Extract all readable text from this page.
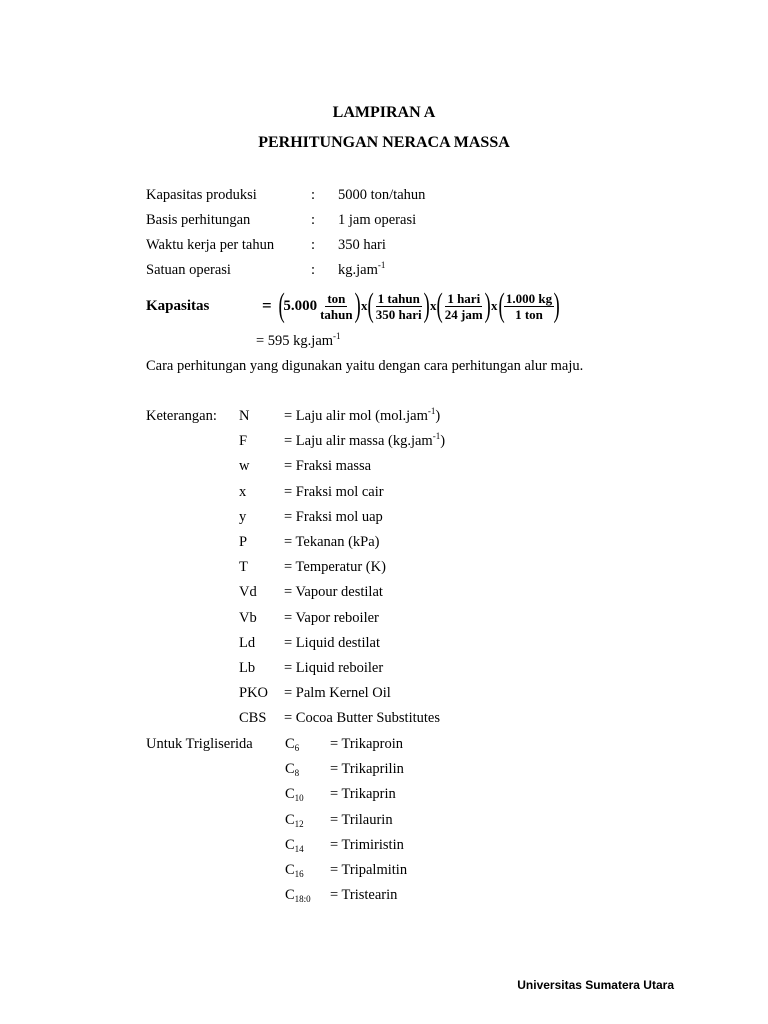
LAMPIRAN A
PERHITUNGAN NERACA MASSA
Kapasitas produksi	: 5000 ton/tahun
Basis perhitungan	: 1 jam operasi
Waktu kerja per tahun	: 350 hari
Satuan operasi	: kg.jam$^{-1}$
Kapasitas	= (
$5.000 \frac{\text{ton}}{\text{tahun}}$ ) x ( $\frac{\text{1 tahun}}{\text{350 hari}}$ ) x ( $\frac{\text{1 hari}}{\text{24 jam}}$ ) x ( $\frac{1.000 kg}{\text{1 ton}}$ )
= 595 kg.jam$^{-1}$
Cara perhitungan yang digunakan yaitu dengan cara perhitungan alur maju.
Keterangan: N = Laju alir mol (mol.jam$^{-1}$)
F	= Laju alir massa (kg.jam$^{-1}$)
w = Fraksi massa
x	= Fraksi mol cair
y	= Fraksi mol uap
P	= Tekanan (kPa)
T = Temperatur (K)
Vd = Vapour destilat
Vb = Vapor reboiler
Ld = Liquid destilat
Lb = Liquid reboiler
PKO = Palm Kernel Oil
CBS = Cocoa Butter Substitutes
Untuk Trigliserida $C_6$ = Trikaproin
$C_8$ = Trikaprilin
$C_{10}$ = Trikaprin
$C_{12}$ = Trilaurin
$C_{14}$ = Trimiristin
$C_{16}$ = Tripalmitin
$C_{18:0}$ = Tristearin
Universitas Sumatera Utara
